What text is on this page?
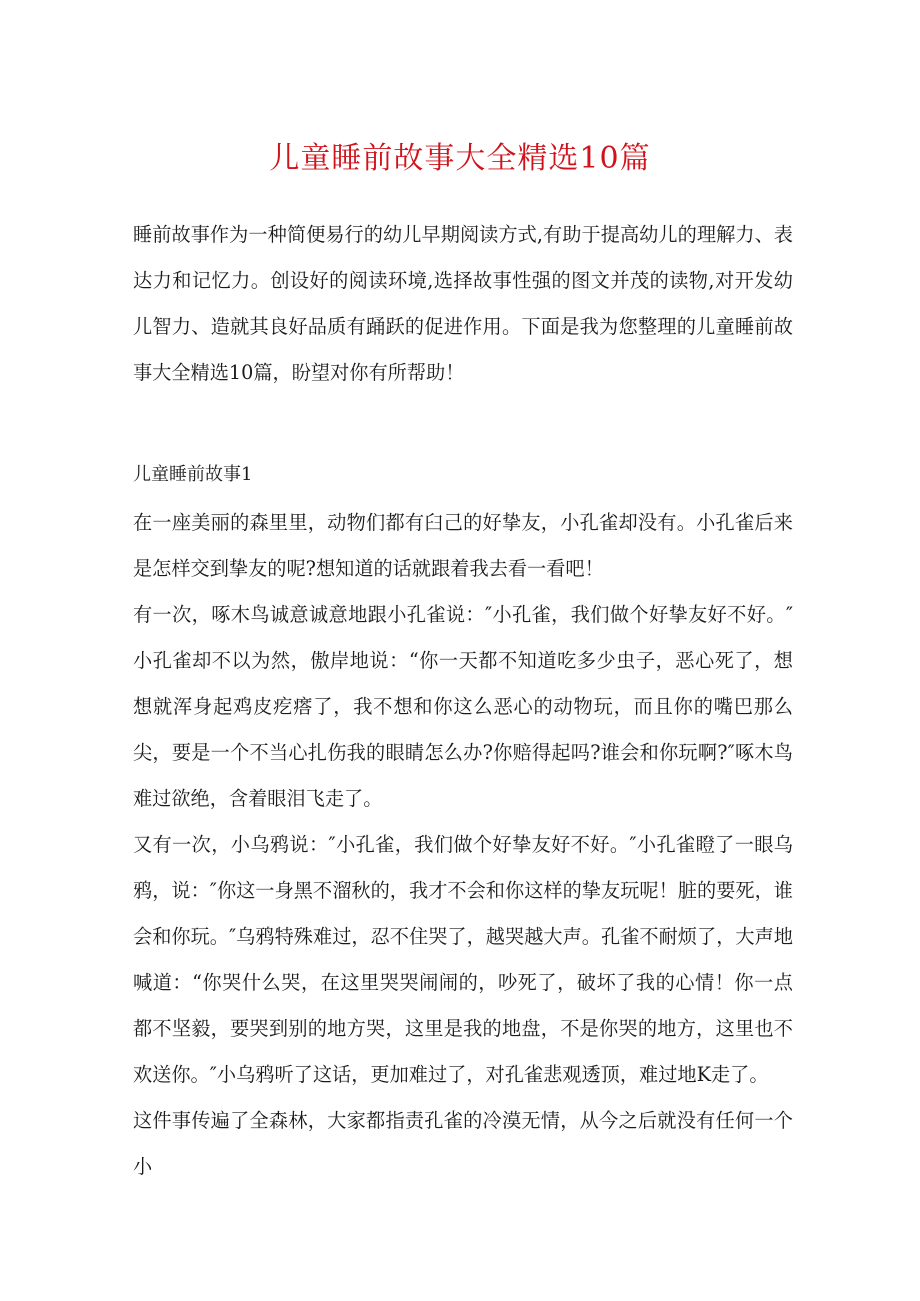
儿童睡前故事大全精选10篇

睡前故事作为一种简便易行的幼儿早期阅读方式,有助于提高幼儿的理解力、表达力和记忆力。创设好的阅读环境,选择故事性强的图文并茂的读物,对开发幼儿智力、造就其良好品质有踊跃的促进作用。下面是我为您整理的儿童睡前故事大全精选10篇，盼望对你有所帮助！

儿童睡前故事1

在一座美丽的森里里，动物们都有臼己的好挚友，小孔雀却没有。小孔雀后来是怎样交到挚友的呢?想知道的话就跟着我去看一看吧！

有一次，啄木鸟诚意诚意地跟小孔雀说：″小孔雀，我们做个好挚友好不好。″小孔雀却不以为然，傲岸地说：“你一天都不知道吃多少虫子，恶心死了，想想就浑身起鸡皮疙瘩了，我不想和你这么恶心的动物玩，而且你的嘴巴那么尖，要是一个不当心扎伤我的眼睛怎么办?你赔得起吗?谁会和你玩啊?″啄木鸟难过欲绝，含着眼泪飞走了。

又有一次，小乌鸦说：″小孔雀，我们做个好挚友好不好。″小孔雀瞪了一眼乌鸦，说：″你这一身黑不溜秋的，我才不会和你这样的挚友玩呢！脏的要死，谁会和你玩。″乌鸦特殊难过，忍不住哭了，越哭越大声。孔雀不耐烦了，大声地喊道：“你哭什么哭，在这里哭哭闹闹的，吵死了，破坏了我的心情！你一点都不坚毅，要哭到别的地方哭，这里是我的地盘，不是你哭的地方，这里也不欢送你。″小乌鸦听了这话，更加难过了，对孔雀悲观透顶，难过地K走了。

这件事传遍了全森林，大家都指责孔雀的冷漠无情，从今之后就没有任何一个小
